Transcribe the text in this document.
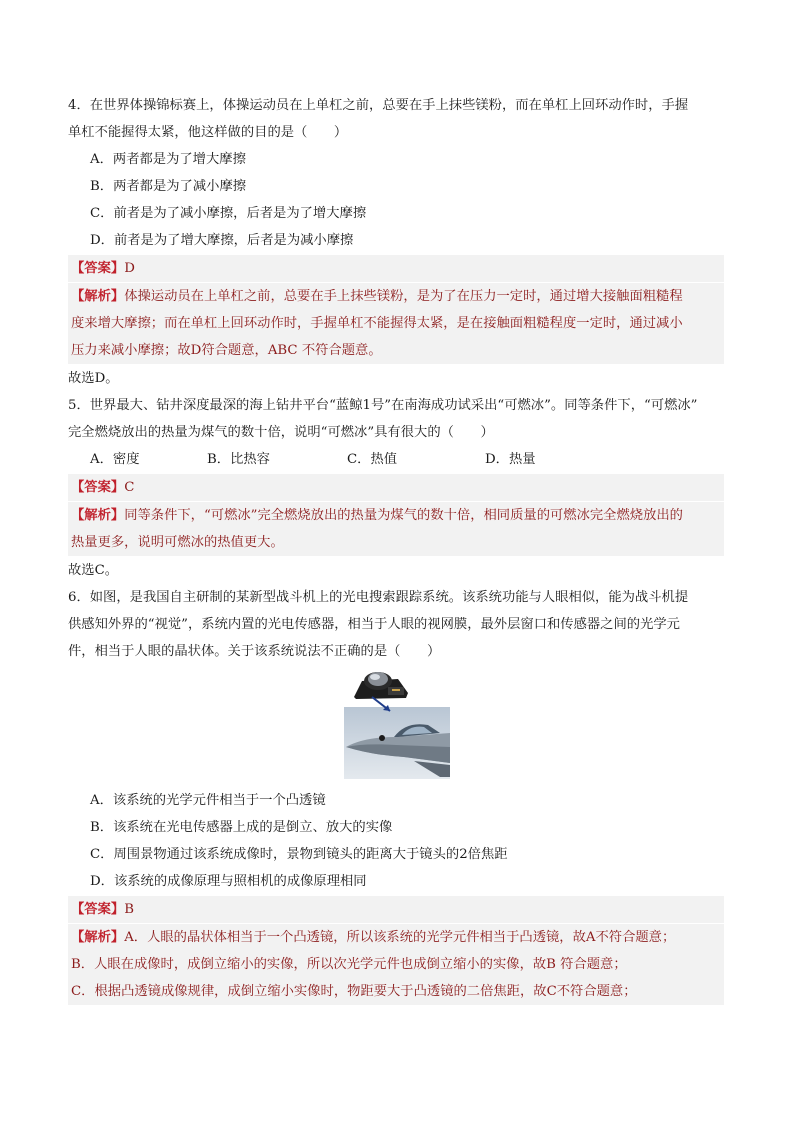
4．在世界体操锦标赛上，体操运动员在上单杠之前，总要在手上抹些镁粉，而在单杠上回环动作时，手握
单杠不能握得太紧，他这样做的目的是（　　）
A．两者都是为了增大摩擦
B．两者都是为了减小摩擦
C．前者是为了减小摩擦，后者是为了增大摩擦
D．前者是为了增大摩擦，后者是为减小摩擦
【答案】D
【解析】体操运动员在上单杠之前，总要在手上抹些镁粉，是为了在压力一定时，通过增大接触面粗糙程
度来增大摩擦；而在单杠上回环动作时，手握单杠不能握得太紧，是在接触面粗糙程度一定时，通过减小
压力来减小摩擦；故D符合题意，ABC 不符合题意。
故选D。
5．世界最大、钻井深度最深的海上钻井平台“蓝鲸1号”在南海成功试采出“可燃冰”。同等条件下，“可燃冰”
完全燃烧放出的热量为煤气的数十倍，说明“可燃冰”具有很大的（　　）
A．密度	B．比热容	C．热值	D．热量
【答案】C
【解析】同等条件下，“可燃冰”完全燃烧放出的热量为煤气的数十倍，相同质量的可燃冰完全燃烧放出的
热量更多，说明可燃冰的热值更大。
故选C。
6．如图，是我国自主研制的某新型战斗机上的光电搜索跟踪系统。该系统功能与人眼相似，能为战斗机提
供感知外界的“视觉”，系统内置的光电传感器，相当于人眼的视网膜，最外层窗口和传感器之间的光学元
件，相当于人眼的晶状体。关于该系统说法不正确的是（　　）
A．该系统的光学元件相当于一个凸透镜
B．该系统在光电传感器上成的是倒立、放大的实像
C．周围景物通过该系统成像时，景物到镜头的距离大于镜头的2倍焦距
D．该系统的成像原理与照相机的成像原理相同
【答案】B
【解析】A．人眼的晶状体相当于一个凸透镜，所以该系统的光学元件相当于凸透镜，故A不符合题意；
B．人眼在成像时，成倒立缩小的实像，所以次光学元件也成倒立缩小的实像，故B 符合题意；
C．根据凸透镜成像规律，成倒立缩小实像时，物距要大于凸透镜的二倍焦距，故C不符合题意；
